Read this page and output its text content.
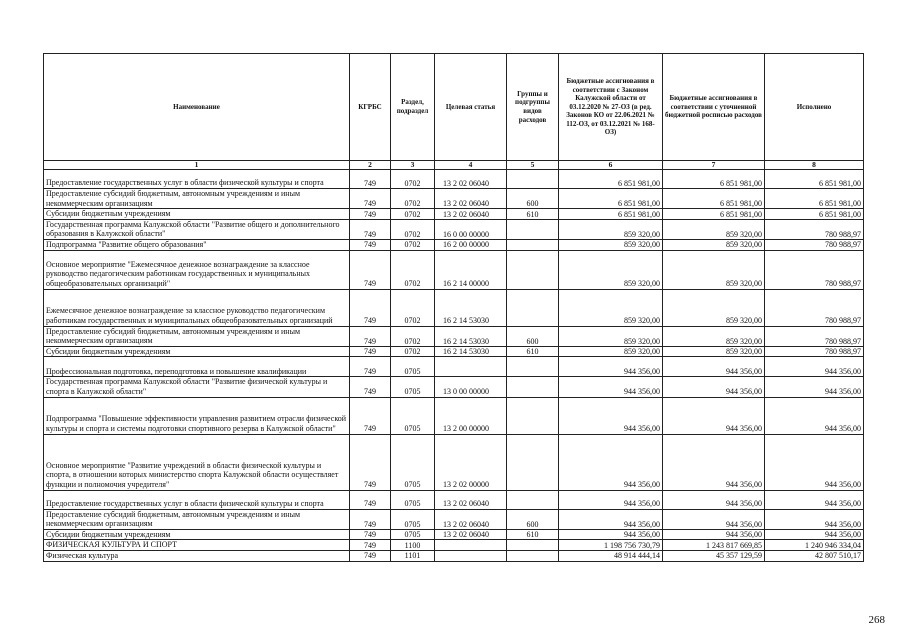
Наименование	КГРБС	Раздел, подраздел	Целевая статья	Группы и подгруппы видов расходов	Бюджетные ассигнования в соответствии с Законом Калужской области от 03.12.2020 № 27-ОЗ (в ред. Законов КО от 22.06.2021 № 112-ОЗ, от 03.12.2021 № 168-ОЗ)	Бюджетные ассигнования в соответствии с уточненной бюджетной росписью расходов	Исполнено
1	2	3	4	5	6	7	8
Предоставление государственных услуг в области физической культуры и спорта	749	0702	13 2 02 06040		6 851 981,00	6 851 981,00	6 851 981,00
Предоставление субсидий бюджетным, автономным учреждениям и иным некоммерческим организациям	749	0702	13 2 02 06040	600	6 851 981,00	6 851 981,00	6 851 981,00
Субсидии бюджетным учреждениям	749	0702	13 2 02 06040	610	6 851 981,00	6 851 981,00	6 851 981,00
Государственная программа Калужской области "Развитие общего и дополнительного образования в Калужской области"	749	0702	16 0 00 00000		859 320,00	859 320,00	780 988,97
Подпрограмма "Развитие общего образования"	749	0702	16 2 00 00000		859 320,00	859 320,00	780 988,97
Основное мероприятие "Ежемесячное денежное вознаграждение за классное руководство педагогическим работникам государственных и муниципальных общеобразовательных организаций"	749	0702	16 2 14 00000		859 320,00	859 320,00	780 988,97
Ежемесячное денежное вознаграждение за классное руководство педагогическим работникам государственных и муниципальных общеобразовательных организаций	749	0702	16 2 14 53030		859 320,00	859 320,00	780 988,97
Предоставление субсидий бюджетным, автономным учреждениям и иным некоммерческим организациям	749	0702	16 2 14 53030	600	859 320,00	859 320,00	780 988,97
Субсидии бюджетным учреждениям	749	0702	16 2 14 53030	610	859 320,00	859 320,00	780 988,97
Профессиональная подготовка, переподготовка и повышение квалификации	749	0705			944 356,00	944 356,00	944 356,00
Государственная программа Калужской области "Развитие физической культуры и спорта в Калужской области"	749	0705	13 0 00 00000		944 356,00	944 356,00	944 356,00
Подпрограмма "Повышение эффективности управления развитием отрасли физической культуры и спорта и системы подготовки спортивного резерва в Калужской области"	749	0705	13 2 00 00000		944 356,00	944 356,00	944 356,00
Основное мероприятие "Развитие учреждений в области физической культуры и спорта, в отношении которых министерство спорта Калужской области осуществляет функции и полномочия учредителя"	749	0705	13 2 02 00000		944 356,00	944 356,00	944 356,00
Предоставление государственных услуг в области физической культуры и спорта	749	0705	13 2 02 06040		944 356,00	944 356,00	944 356,00
Предоставление субсидий бюджетным, автономным учреждениям и иным некоммерческим организациям	749	0705	13 2 02 06040	600	944 356,00	944 356,00	944 356,00
Субсидии бюджетным учреждениям	749	0705	13 2 02 06040	610	944 356,00	944 356,00	944 356,00
ФИЗИЧЕСКАЯ КУЛЬТУРА И СПОРТ	749	1100			1 198 756 730,79	1 243 817 669,85	1 240 946 334,04
Физическая культура	749	1101			48 914 444,14	45 357 129,59	42 807 510,17
268
